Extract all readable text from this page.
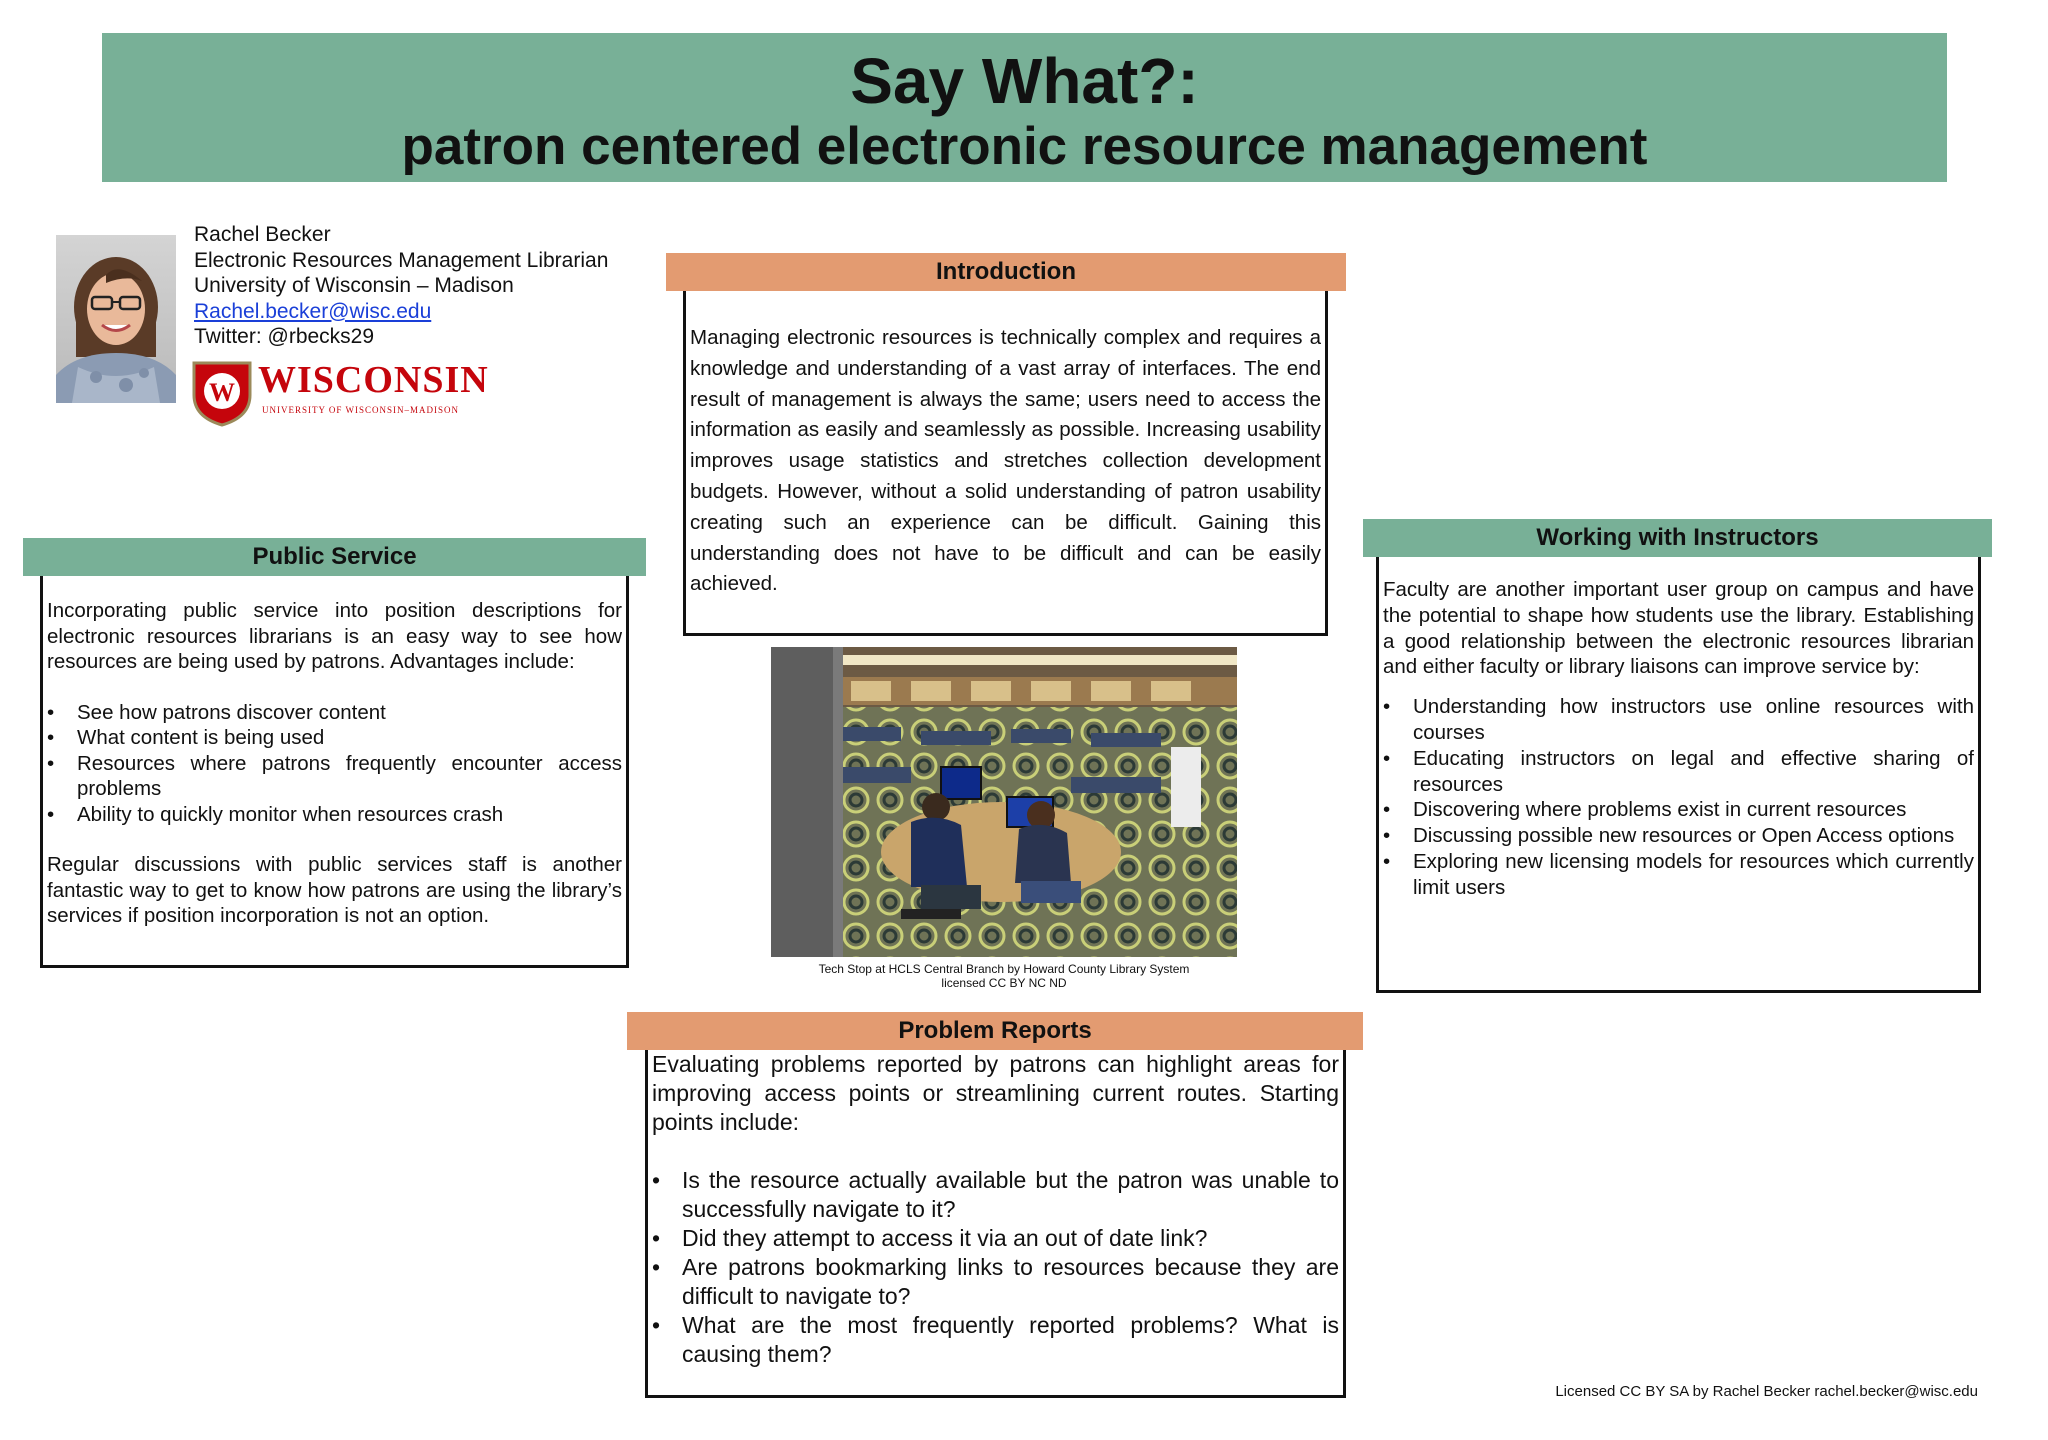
Say What?:
patron centered electronic resource management
Rachel Becker
Electronic Resources Management Librarian
University of Wisconsin – Madison
Rachel.becker@wisc.edu
Twitter: @rbecks29
W WISCONSIN
UNIVERSITY OF WISCONSIN–MADISON
Public Service

Incorporating public service into position descriptions for electronic resources librarians is an easy way to see how resources are being used by patrons. Advantages include:

• See how patrons discover content
• What content is being used
• Resources where patrons frequently encounter access problems
• Ability to quickly monitor when resources crash

Regular discussions with public services staff is another fantastic way to get to know how patrons are using the library’s services if position incorporation is not an option.

Introduction

Managing electronic resources is technically complex and requires a knowledge and understanding of a vast array of interfaces. The end result of management is always the same; users need to access the information as easily and seamlessly as possible. Increasing usability improves usage statistics and stretches collection development budgets. However, without a solid understanding of patron usability creating such an experience can be difficult. Gaining this understanding does not have to be difficult and can be easily achieved.

Tech Stop at HCLS Central Branch by Howard County Library System
licensed CC BY NC ND
Working with Instructors

Faculty are another important user group on campus and have the potential to shape how students use the library. Establishing a good relationship between the electronic resources librarian and either faculty or library liaisons can improve service by:

• Understanding how instructors use online resources with courses
• Educating instructors on legal and effective sharing of resources
• Discovering where problems exist in current resources
• Discussing possible new resources or Open Access options
• Exploring new licensing models for resources which currently limit users
Problem Reports

Evaluating problems reported by patrons can highlight areas for improving access points or streamlining current routes. Starting points include:

• Is the resource actually available but the patron was unable to successfully navigate to it?
• Did they attempt to access it via an out of date link?
• Are patrons bookmarking links to resources because they are difficult to navigate to?
• What are the most frequently reported problems? What is causing them?
Licensed CC BY SA by Rachel Becker rachel.becker@wisc.edu
